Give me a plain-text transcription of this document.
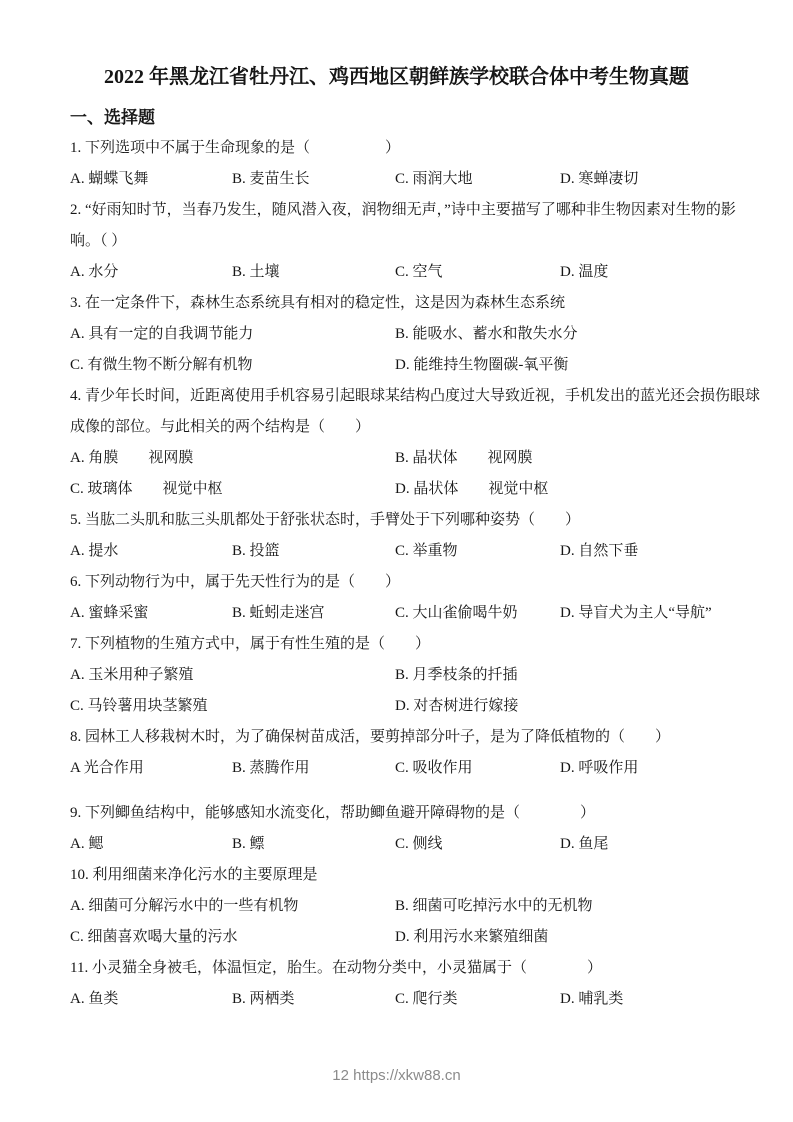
2022 年黑龙江省牡丹江、鸡西地区朝鲜族学校联合体中考生物真题
一、选择题
1. 下列选项中不属于生命现象的是（　　　　　）
A. 蝴蝶飞舞	B. 麦苗生长	C. 雨润大地	D. 寒蝉凄切
2. “好雨知时节，当春乃发生，随风潜入夜，润物细无声，”诗中主要描写了哪种非生物因素对生物的影
响。（ ）
A. 水分	B. 土壤	C. 空气	D. 温度
3. 在一定条件下，森林生态系统具有相对的稳定性，这是因为森林生态系统
A. 具有一定的自我调节能力	B. 能吸水、蓄水和散失水分
C. 有微生物不断分解有机物	D. 能维持生物圈碳-氧平衡
4. 青少年长时间，近距离使用手机容易引起眼球某结构凸度过大导致近视，手机发出的蓝光还会损伤眼球
成像的部位。与此相关的两个结构是（　　）
A. 角膜　　视网膜	B. 晶状体　　视网膜
C. 玻璃体　　视觉中枢	D. 晶状体　　视觉中枢
5. 当肱二头肌和肱三头肌都处于舒张状态时，手臂处于下列哪种姿势（　　）
A. 提水	B. 投篮	C. 举重物	D. 自然下垂
6. 下列动物行为中，属于先天性行为的是（　　）
A. 蜜蜂采蜜	B. 蚯蚓走迷宫	C. 大山雀偷喝牛奶	D. 导盲犬为主人“导航”
7. 下列植物的生殖方式中，属于有性生殖的是（　　）
A. 玉米用种子繁殖	B. 月季枝条的扦插
C. 马铃薯用块茎繁殖	D. 对杏树进行嫁接
8. 园林工人移栽树木时，为了确保树苗成活，要剪掉部分叶子，是为了降低植物的（　　）
A 光合作用	B. 蒸腾作用	C. 吸收作用	D. 呼吸作用
9. 下列鲫鱼结构中，能够感知水流变化，帮助鲫鱼避开障碍物的是（　　　　）
A. 鳃	B. 鳔	C. 侧线	D. 鱼尾
10. 利用细菌来净化污水的主要原理是
A. 细菌可分解污水中的一些有机物	B. 细菌可吃掉污水中的无机物
C. 细菌喜欢喝大量的污水	D. 利用污水来繁殖细菌
11. 小灵猫全身被毛，体温恒定，胎生。在动物分类中，小灵猫属于（　　　　）
A. 鱼类	B. 两栖类	C. 爬行类	D. 哺乳类
12 https://xkw88.cn
